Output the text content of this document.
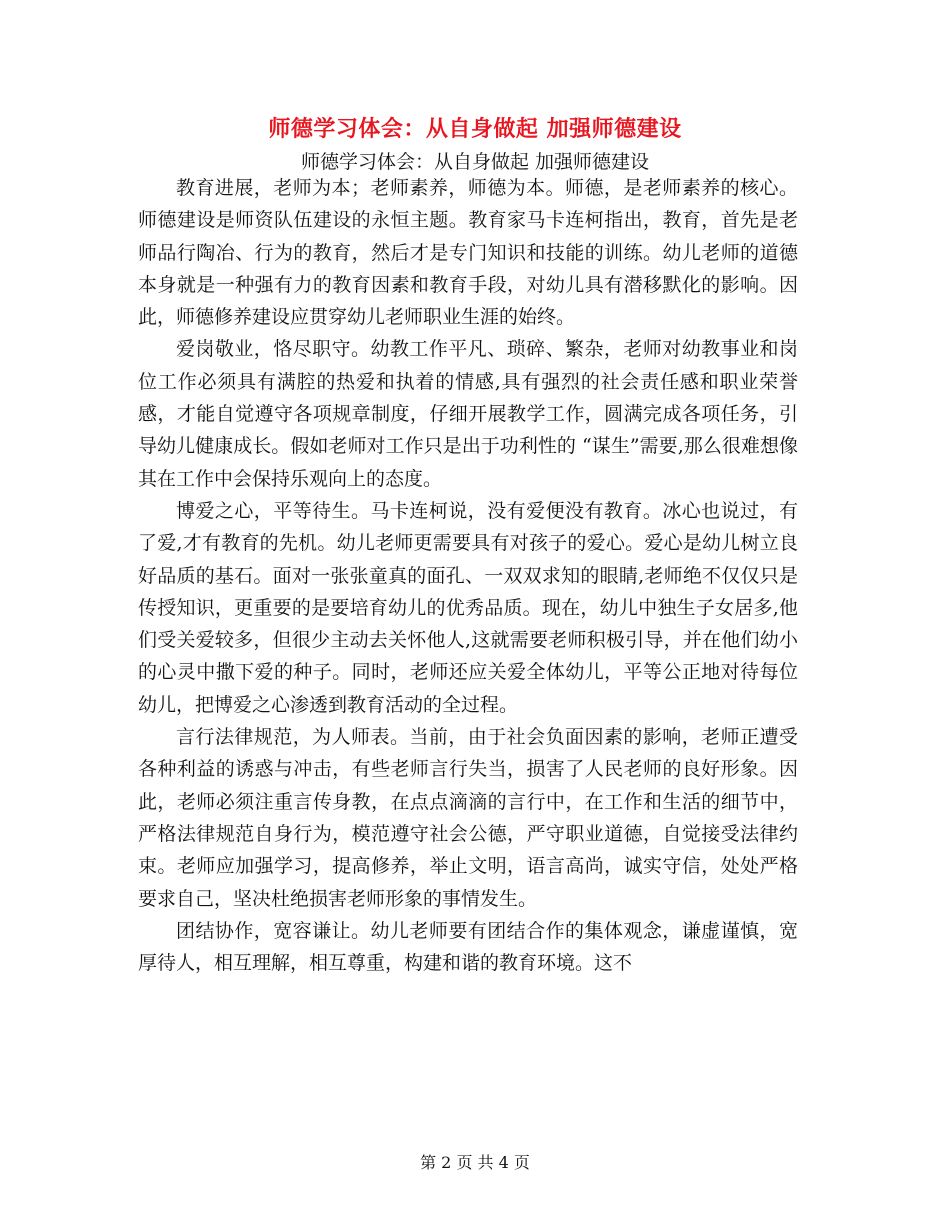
师德学习体会：从自身做起 加强师德建设
师德学习体会：从自身做起 加强师德建设

教育进展，老师为本；老师素养，师德为本。师德，是老师素养的核心。师德建设是师资队伍建设的永恒主题。教育家马卡连柯指出，教育，首先是老师品行陶冶、行为的教育，然后才是专门知识和技能的训练。幼儿老师的道德本身就是一种强有力的教育因素和教育手段，对幼儿具有潜移默化的影响。因此，师德修养建设应贯穿幼儿老师职业生涯的始终。

爱岗敬业，恪尽职守。幼教工作平凡、琐碎、繁杂，老师对幼教事业和岗位工作必须具有满腔的热爱和执着的情感,具有强烈的社会责任感和职业荣誉感，才能自觉遵守各项规章制度，仔细开展教学工作，圆满完成各项任务，引导幼儿健康成长。假如老师对工作只是出于功利性的 “谋生”需要,那么很难想像其在工作中会保持乐观向上的态度。

博爱之心，平等待生。马卡连柯说，没有爱便没有教育。冰心也说过，有了爱,才有教育的先机。幼儿老师更需要具有对孩子的爱心。爱心是幼儿树立良好品质的基石。面对一张张童真的面孔、一双双求知的眼睛,老师绝不仅仅只是传授知识，更重要的是要培育幼儿的优秀品质。现在，幼儿中独生子女居多,他们受关爱较多，但很少主动去关怀他人,这就需要老师积极引导，并在他们幼小的心灵中撒下爱的种子。同时，老师还应关爱全体幼儿，平等公正地对待每位幼儿，把博爱之心渗透到教育活动的全过程。

言行法律规范，为人师表。当前，由于社会负面因素的影响，老师正遭受各种利益的诱惑与冲击，有些老师言行失当，损害了人民老师的良好形象。因此，老师必须注重言传身教，在点点滴滴的言行中，在工作和生活的细节中，严格法律规范自身行为，模范遵守社会公德，严守职业道德，自觉接受法律约束。老师应加强学习，提高修养，举止文明，语言高尚，诚实守信，处处严格要求自己，坚决杜绝损害老师形象的事情发生。

团结协作，宽容谦让。幼儿老师要有团结合作的集体观念，谦虚谨慎，宽厚待人，相互理解，相互尊重，构建和谐的教育环境。这不

第 2 页 共 4 页
